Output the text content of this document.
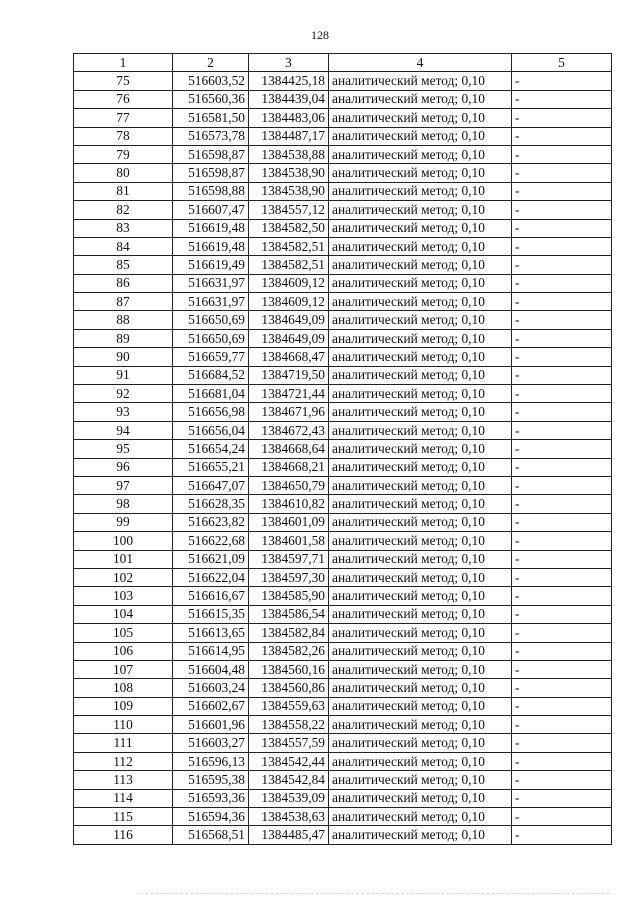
128
1	2	3	4	5
75	516603,52	1384425,18	аналитический метод; 0,10	-
76	516560,36	1384439,04	аналитический метод; 0,10	-
77	516581,50	1384483,06	аналитический метод; 0,10	-
78	516573,78	1384487,17	аналитический метод; 0,10	-
79	516598,87	1384538,88	аналитический метод; 0,10	-
80	516598,87	1384538,90	аналитический метод; 0,10	-
81	516598,88	1384538,90	аналитический метод; 0,10	-
82	516607,47	1384557,12	аналитический метод; 0,10	-
83	516619,48	1384582,50	аналитический метод; 0,10	-
84	516619,48	1384582,51	аналитический метод; 0,10	-
85	516619,49	1384582,51	аналитический метод; 0,10	-
86	516631,97	1384609,12	аналитический метод; 0,10	-
87	516631,97	1384609,12	аналитический метод; 0,10	-
88	516650,69	1384649,09	аналитический метод; 0,10	-
89	516650,69	1384649,09	аналитический метод; 0,10	-
90	516659,77	1384668,47	аналитический метод; 0,10	-
91	516684,52	1384719,50	аналитический метод; 0,10	-
92	516681,04	1384721,44	аналитический метод; 0,10	-
93	516656,98	1384671,96	аналитический метод; 0,10	-
94	516656,04	1384672,43	аналитический метод; 0,10	-
95	516654,24	1384668,64	аналитический метод; 0,10	-
96	516655,21	1384668,21	аналитический метод; 0,10	-
97	516647,07	1384650,79	аналитический метод; 0,10	-
98	516628,35	1384610,82	аналитический метод; 0,10	-
99	516623,82	1384601,09	аналитический метод; 0,10	-
100	516622,68	1384601,58	аналитический метод; 0,10	-
101	516621,09	1384597,71	аналитический метод; 0,10	-
102	516622,04	1384597,30	аналитический метод; 0,10	-
103	516616,67	1384585,90	аналитический метод; 0,10	-
104	516615,35	1384586,54	аналитический метод; 0,10	-
105	516613,65	1384582,84	аналитический метод; 0,10	-
106	516614,95	1384582,26	аналитический метод; 0,10	-
107	516604,48	1384560,16	аналитический метод; 0,10	-
108	516603,24	1384560,86	аналитический метод; 0,10	-
109	516602,67	1384559,63	аналитический метод; 0,10	-
110	516601,96	1384558,22	аналитический метод; 0,10	-
111	516603,27	1384557,59	аналитический метод; 0,10	-
112	516596,13	1384542,44	аналитический метод; 0,10	-
113	516595,38	1384542,84	аналитический метод; 0,10	-
114	516593,36	1384539,09	аналитический метод; 0,10	-
115	516594,36	1384538,63	аналитический метод; 0,10	-
116	516568,51	1384485,47	аналитический метод; 0,10	-
